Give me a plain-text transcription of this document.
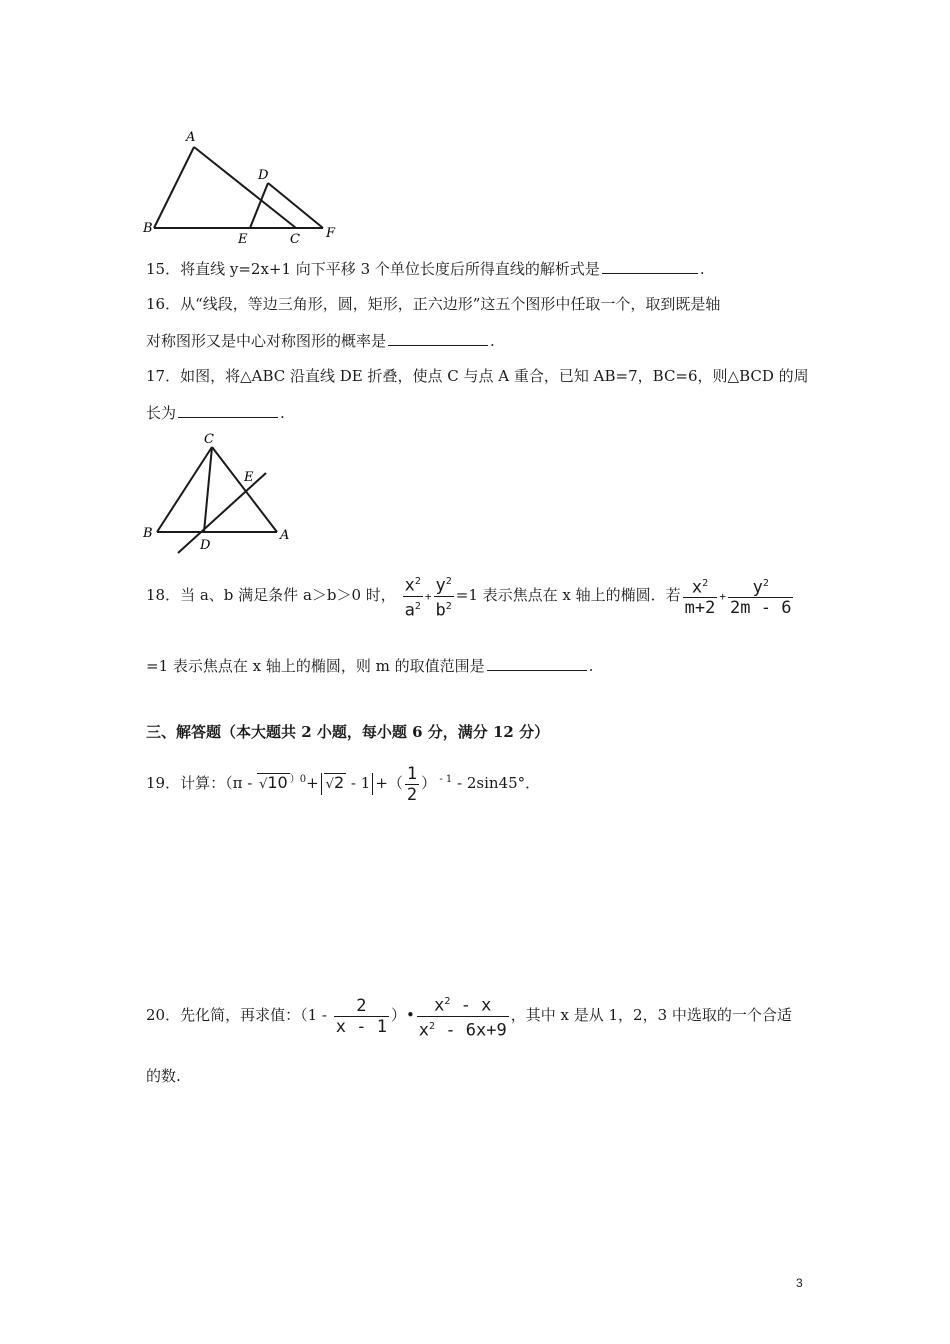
A
B
C
D
E	F
15．将直线 y=2x+1 向下平移 3 个单位长度后所得直线的解析式是	.
16．从“线段，等边三角形，圆，矩形，正六边形”这五个图形中任取一个，取到既是轴
对称图形又是中心对称图形的概率是	.
17．如图，将△ABC 沿直线 DE 折叠，使点 C 与点 A 重合，已知 AB=7，BC=6，则△BCD 的周
长为	.
C
E
B
D
A
18．当 a、b 满足条件 a＞b＞0 时， $\frac{x^2}{a^2} + \frac{y^2}{b^2} =1$ 表示焦点在 x 轴上的椭圆．若 $\frac{x^2}{m+2} + \frac{y^2}{2m - 6}$
=1 表示焦点在 x 轴上的椭圆，则 m 的取值范围是	.
三、解答题（本大题共 2 小题，每小题 6 分，满分 12 分）
19．计算：（π - √10 $^{)0}$+ √2 - 1 +（ $\frac{1}{2}$ ） $^{- 1}$ - 2sin45°．
20．先化简，再求值：（$1 - \frac{2}{x - 1}$ ）• $\frac{x^2 - x}{x^2 - 6x+9}$ ，其中 x 是从 1，2，3 中选取的一个合适
的数.
3
